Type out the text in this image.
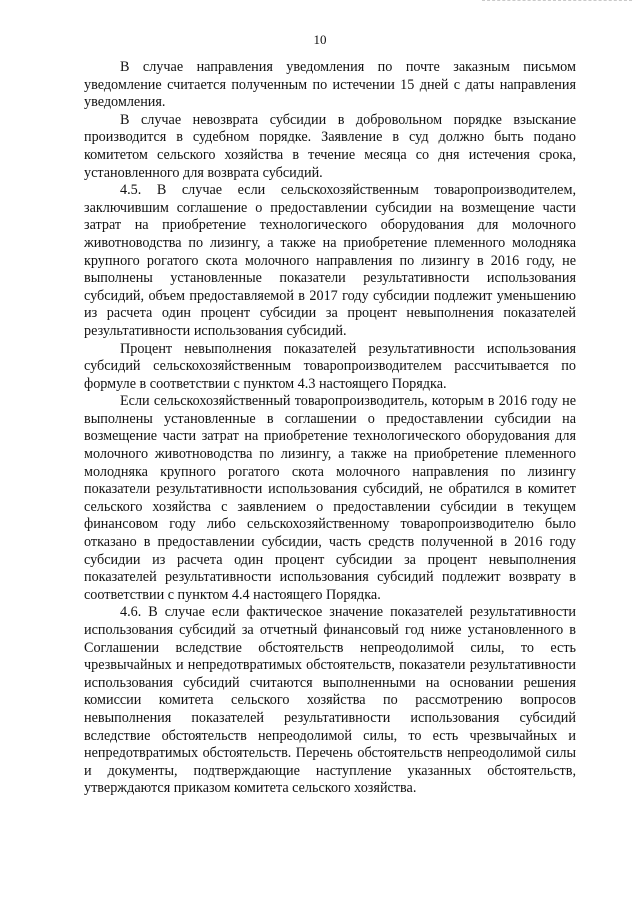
10

В случае направления уведомления по почте заказным письмом уведомление считается полученным по истечении 15 дней с даты направления уведомления.

В случае невозврата субсидии в добровольном порядке взыскание производится в судебном порядке. Заявление в суд должно быть подано комитетом сельского хозяйства в течение месяца со дня истечения срока, установленного для возврата субсидий.

4.5. В случае если сельскохозяйственным товаропроизводителем, заключившим соглашение о предоставлении субсидии на возмещение части затрат на приобретение технологического оборудования для молочного животноводства по лизингу, а также на приобретение племенного молодняка крупного рогатого скота молочного направления по лизингу в 2016 году, не выполнены установленные показатели результативности использования субсидий, объем предоставляемой в 2017 году субсидии подлежит уменьшению из расчета один процент субсидии за процент невыполнения показателей результативности использования субсидий.

Процент невыполнения показателей результативности использования субсидий сельскохозяйственным товаропроизводителем рассчитывается по формуле в соответствии с пунктом 4.3 настоящего Порядка.

Если сельскохозяйственный товаропроизводитель, которым в 2016 году не выполнены установленные в соглашении о предоставлении субсидии на возмещение части затрат на приобретение технологического оборудования для молочного животноводства по лизингу, а также на приобретение племенного молодняка крупного рогатого скота молочного направления по лизингу показатели результативности использования субсидий, не обратился в комитет сельского хозяйства с заявлением о предоставлении субсидии в текущем финансовом году либо сельскохозяйственному товаропроизводителю было отказано в предоставлении субсидии, часть средств полученной в 2016 году субсидии из расчета один процент субсидии за процент невыполнения показателей результативности использования субсидий подлежит возврату в соответствии с пунктом 4.4 настоящего Порядка.

4.6. В случае если фактическое значение показателей результативности использования субсидий за отчетный финансовый год ниже установленного в Соглашении вследствие обстоятельств непреодолимой силы, то есть чрезвычайных и непредотвратимых обстоятельств, показатели результативности использования субсидий считаются выполненными на основании решения комиссии комитета сельского хозяйства по рассмотрению вопросов невыполнения показателей результативности использования субсидий вследствие обстоятельств непреодолимой силы, то есть чрезвычайных и непредотвратимых обстоятельств. Перечень обстоятельств непреодолимой силы и документы, подтверждающие наступление указанных обстоятельств, утверждаются приказом комитета сельского хозяйства.
